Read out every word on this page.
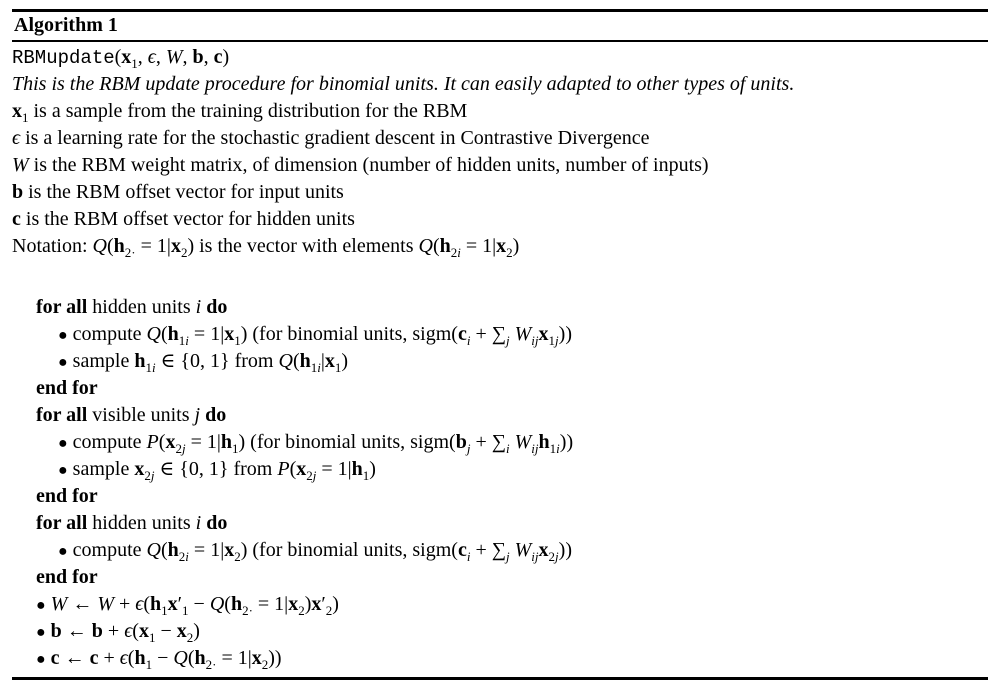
Algorithm 1
$RBMupdate(x_1$, ϵ, W, b, c)
This is the RBM update procedure for binomial units. It can easily adapted to other types of units.
$x_1$ is a sample from the training distribution for the RBM
ϵ is a learning rate for the stochastic gradient descent in Contrastive Divergence
W is the RBM weight matrix, of dimension (number of hidden units, number of inputs)
b is the RBM offset vector for input units
c is the RBM offset vector for hidden units
Notation: $Q(h_{2\cdot} = 1|x_2)$ is the vector with elements $Q(h_{2i} = 1|x_2)$
for all hidden units i do
● compute $Q(h_{1i} = 1|x_1)$ (for binomial units, $sigm(c_i + \sum_j$ $W_{ij}x_{1j}$))
● sample $h_{1i}$ ∈ {0, 1} from $Q(h_{1i}|x_1)$
end for
for all visible units j do
● compute $P(x_{2j} = 1|h_1)$ (for binomial units, $sigm(b_j + \sum_i$ $W_{ij}h_{1i}$))
● sample $x_{2j}$ ∈ {0, 1} from $P(x_{2j} = 1|h_1)$
end for
for all hidden units i do
● compute $Q(h_{2i} = 1|x_2)$ (for binomial units, $sigm(c_i + \sum_j$ $W_{ij}x_{2j}$))
end for
● W ← $W + \epsilon(h_1x'_1 - Q(h_{2\cdot} = 1|x_2)x'_2)$
● b ← $b + \epsilon(x_1 - x_2)$
● c ← $c + \epsilon(h_1 - Q(h_{2\cdot} = 1|x_2))$
